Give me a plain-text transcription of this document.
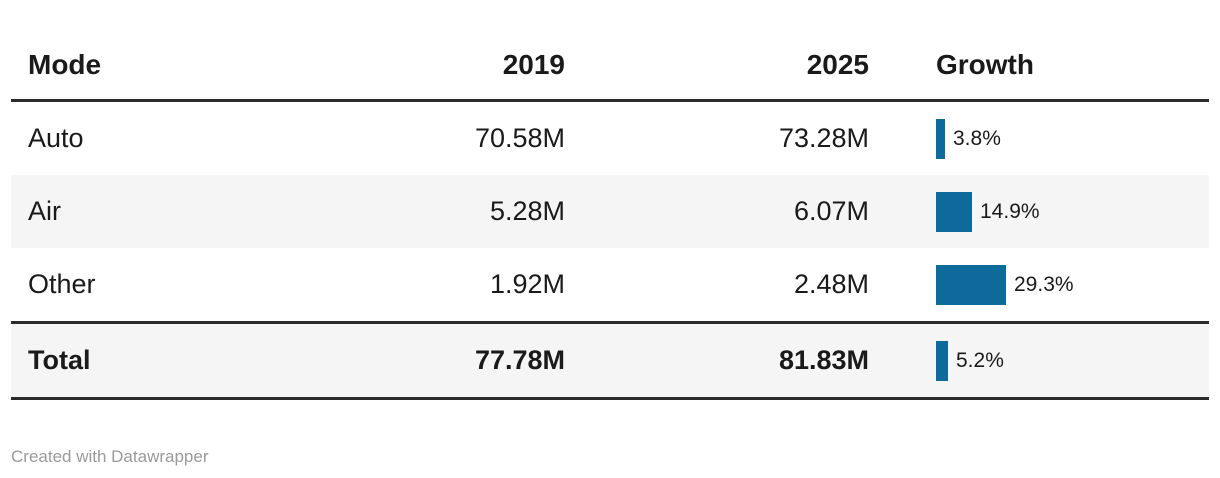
Mode	2019	2025	Growth
Auto	70.58M	73.28M	3.8%
Air	5.28M	6.07M	14.9%
Other	1.92M	2.48M	29.3%
Total	77.78M	81.83M	5.2%
Created with Datawrapper
